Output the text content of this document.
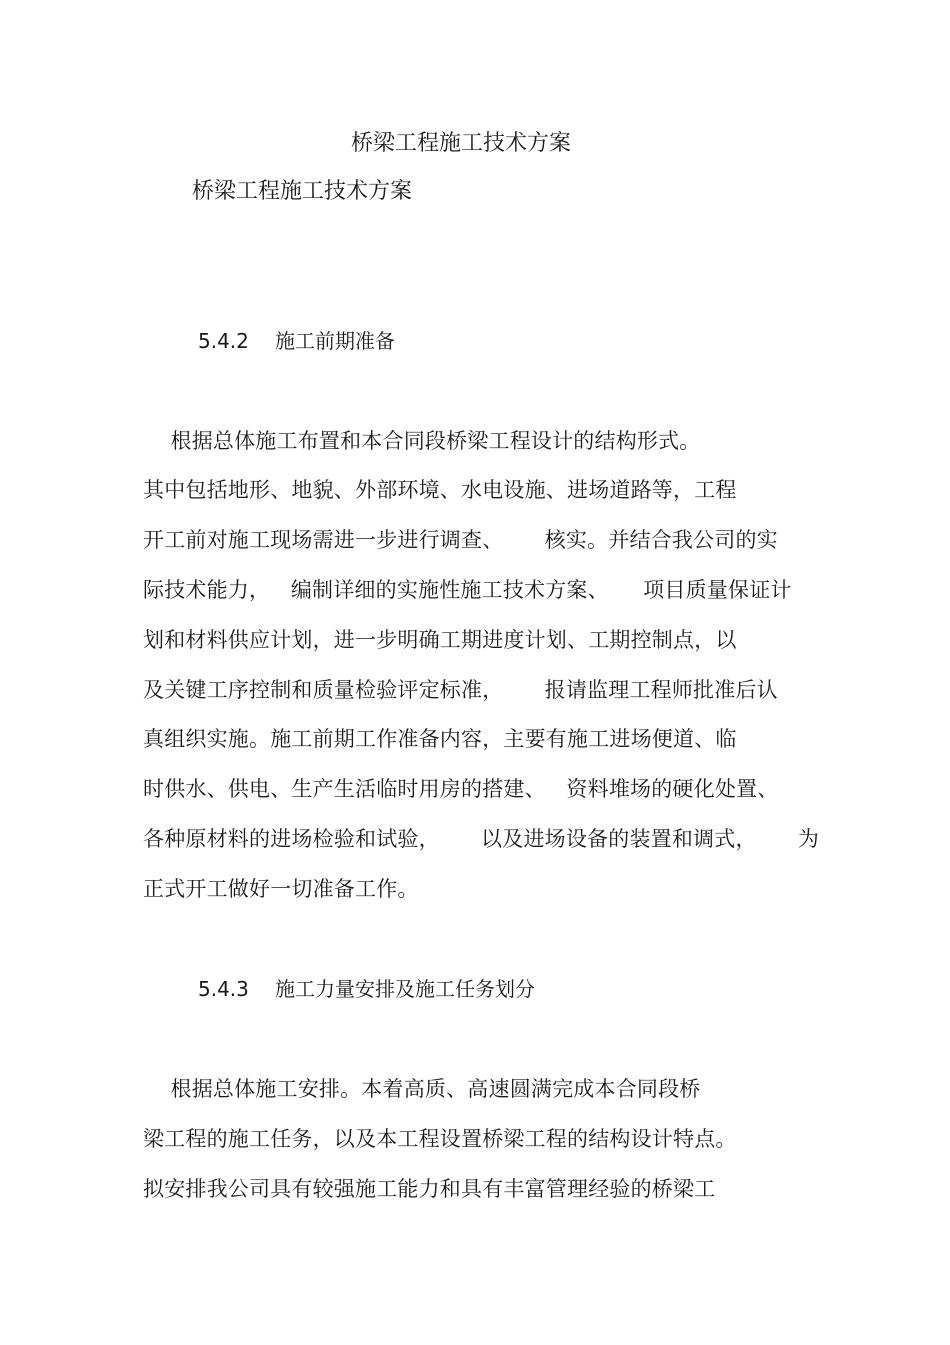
桥梁工程施工技术方案
桥梁工程施工技术方案

5.4.2

施工前期准备

根据总体施工布置和本合同段桥梁工程设计的结构形式。
其中包括地形、地貌、外部环境、水电设施、进场道路等，工程
开工前对施工现场需进一步进行调查、      核实。并结合我公司的实
际技术能力，   编制详细的实施性施工技术方案、     项目质量保证计
划和材料供应计划，进一步明确工期进度计划、工期控制点，以
及关键工序控制和质量检验评定标准，      报请监理工程师批准后认
真组织实施。施工前期工作准备内容，主要有施工进场便道、临
时供水、供电、生产生活临时用房的搭建、   资料堆场的硬化处置、
各种原材料的进场检验和试验，      以及进场设备的装置和调式，      为
正式开工做好一切准备工作。

5.4.3

施工力量安排及施工任务划分

根据总体施工安排。本着高质、高速圆满完成本合同段桥
梁工程的施工任务，以及本工程设置桥梁工程的结构设计特点。
拟安排我公司具有较强施工能力和具有丰富管理经验的桥梁工
